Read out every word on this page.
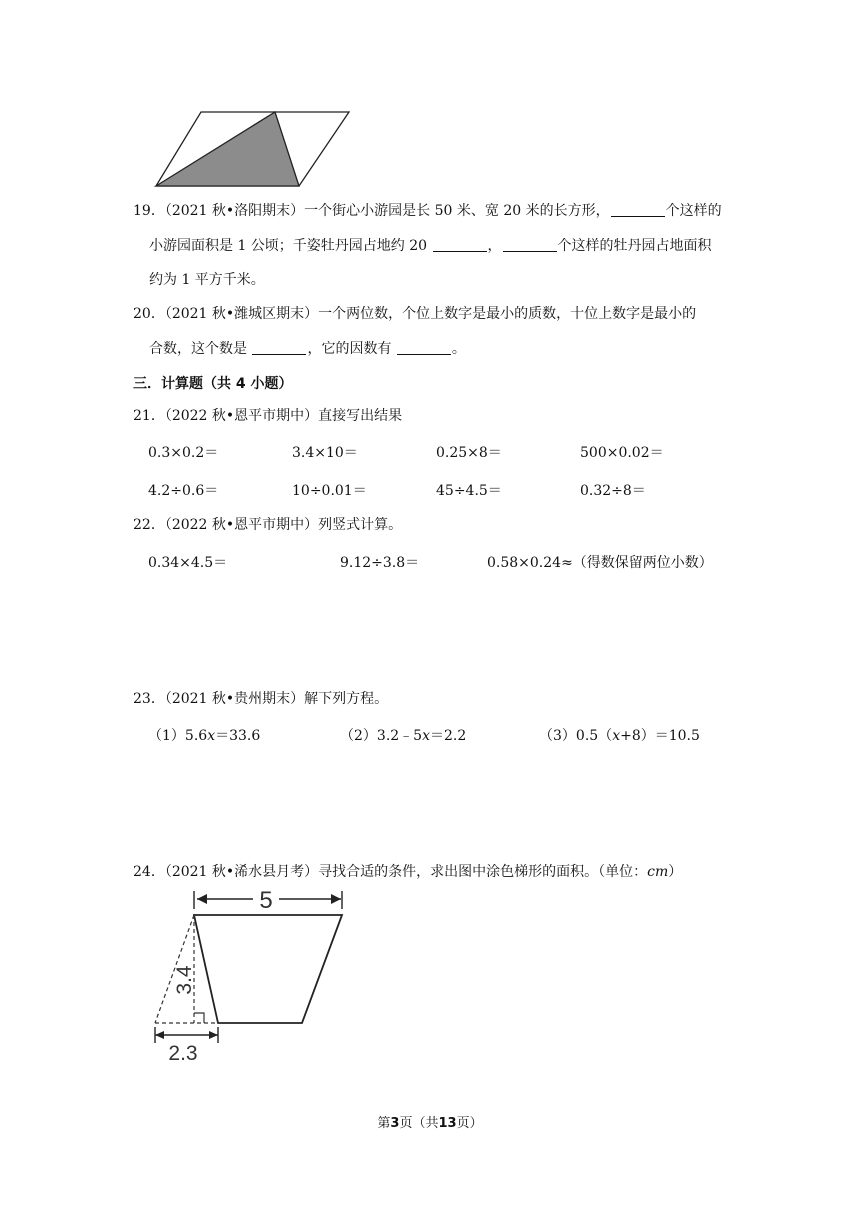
19．（2021 秋•洛阳期末）一个街心小游园是长 50 米、宽 20 米的长方形，	个这样的
小游园面积是 1 公顷；千姿牡丹园占地约 20	，	个这样的牡丹园占地面积
约为 1 平方千米。
20．（2021 秋•潍城区期末）一个两位数，个位上数字是最小的质数，十位上数字是最小的
合数，这个数是	，它的因数有	。
三．计算题（共 4 小题）
21．（2022 秋•恩平市期中）直接写出结果
0.3×0.2＝	3.4×10＝	0.25×8＝	500×0.02＝
4.2÷0.6＝	10÷0.01＝	45÷4.5＝	0.32÷8＝
22．（2022 秋•恩平市期中）列竖式计算。
0.34×4.5＝	9.12÷3.8＝	0.58×0.24≈（得数保留两位小数）
23．（2021 秋•贵州期末）解下列方程。
（1）5.6x＝33.6	（2）3.2﹣5x＝2.2	（3）0.5（x+8）＝10.5
24．（2021 秋•浠水县月考）寻找合适的条件，求出图中涂色梯形的面积。（单位：cm）
5
3.4
2.3
第3页（共13页）
